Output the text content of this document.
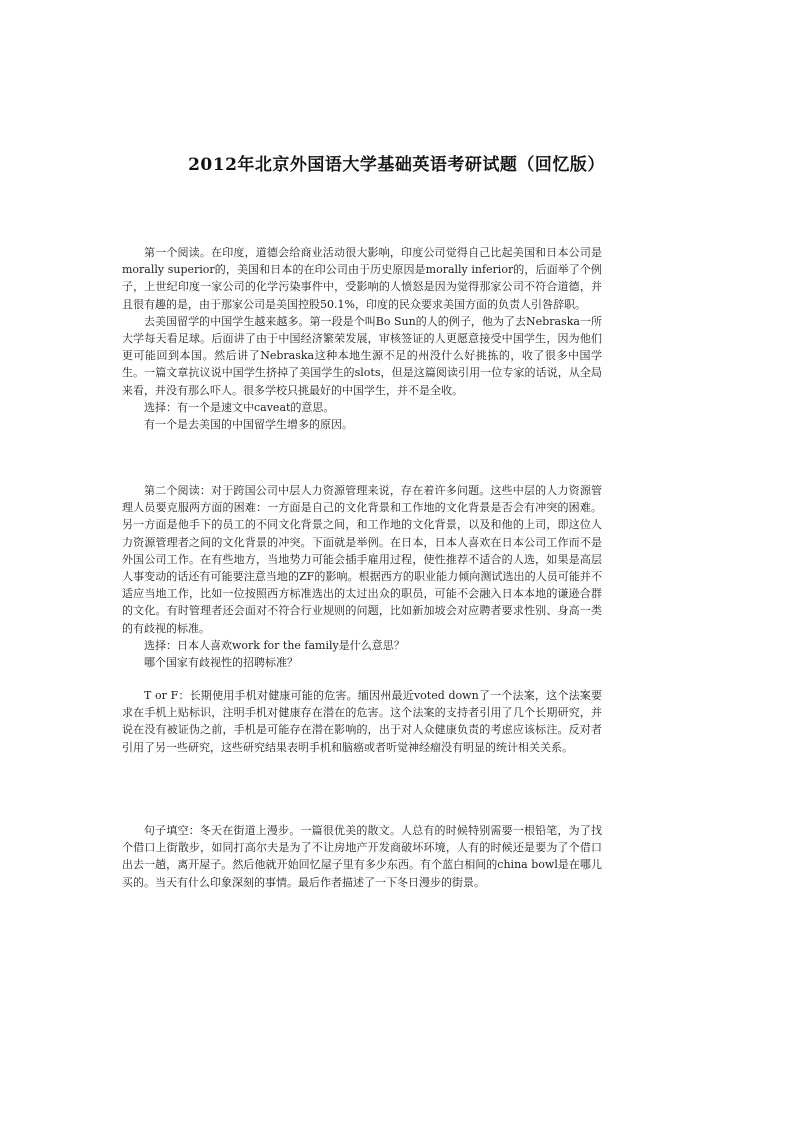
2012年北京外国语大学基础英语考研试题（回忆版）

第一个阅读。在印度，道德会给商业活动很大影响，印度公司觉得自己比起美国和日本公司是morally superior的，美国和日本的在印公司由于历史原因是morally inferior的，后面举了个例子，上世纪印度一家公司的化学污染事件中，受影响的人愤怒是因为觉得那家公司不符合道德，并且很有趣的是，由于那家公司是美国控股50.1%，印度的民众要求美国方面的负责人引咎辞职。

去美国留学的中国学生越来越多。第一段是个叫Bo Sun的人的例子，他为了去Nebraska一所大学每天看足球。后面讲了由于中国经济繁荣发展，审核签证的人更愿意接受中国学生，因为他们更可能回到本国。然后讲了Nebraska这种本地生源不足的州没什么好挑拣的，收了很多中国学生。一篇文章抗议说中国学生挤掉了美国学生的slots，但是这篇阅读引用一位专家的话说，从全局来看，并没有那么吓人。很多学校只挑最好的中国学生，并不是全收。

选择：有一个是速文中caveat的意思。

有一个是去美国的中国留学生增多的原因。

第二个阅读：对于跨国公司中层人力资源管理来说，存在着许多问题。这些中层的人力资源管理人员要克服两方面的困难：一方面是自己的文化背景和工作地的文化背景是否会有冲突的困难。另一方面是他手下的员工的不同文化背景之间，和工作地的文化背景，以及和他的上司，即这位人力资源管理者之间的文化背景的冲突。下面就是举例。在日本，日本人喜欢在日本公司工作而不是外国公司工作。在有些地方，当地势力可能会插手雇用过程，使性推荐不适合的人选，如果是高层人事变动的话还有可能要注意当地的ZF的影响。根据西方的职业能力倾向测试选出的人员可能并不适应当地工作，比如一位按照西方标准选出的太过出众的职员，可能不会融入日本本地的谦逊合群的文化。有时管理者还会面对不符合行业规则的问题，比如新加坡会对应聘者要求性别、身高一类的有歧视的标准。

选择：日本人喜欢work for the family是什么意思？

哪个国家有歧视性的招聘标准？

T or F：长期使用手机对健康可能的危害。缅因州最近voted down了一个法案，这个法案要求在手机上贴标识，注明手机对健康存在潜在的危害。这个法案的支持者引用了几个长期研究，并说在没有被证伪之前，手机是可能存在潜在影响的，出于对人众健康负责的考虑应该标注。反对者引用了另一些研究，这些研究结果表明手机和脑癌或者听觉神经瘤没有明显的统计相关关系。

句子填空：冬天在街道上漫步。一篇很优美的散文。人总有的时候特别需要一根铅笔，为了找个借口上街散步，如同打高尔夫是为了不让房地产开发商破坏环境，人有的时候还是要为了个借口出去一趟，离开屋子。然后他就开始回忆屋子里有多少东西。有个蓝白相间的china bowl是在哪儿买的。当天有什么印象深刻的事情。最后作者描述了一下冬日漫步的街景。
